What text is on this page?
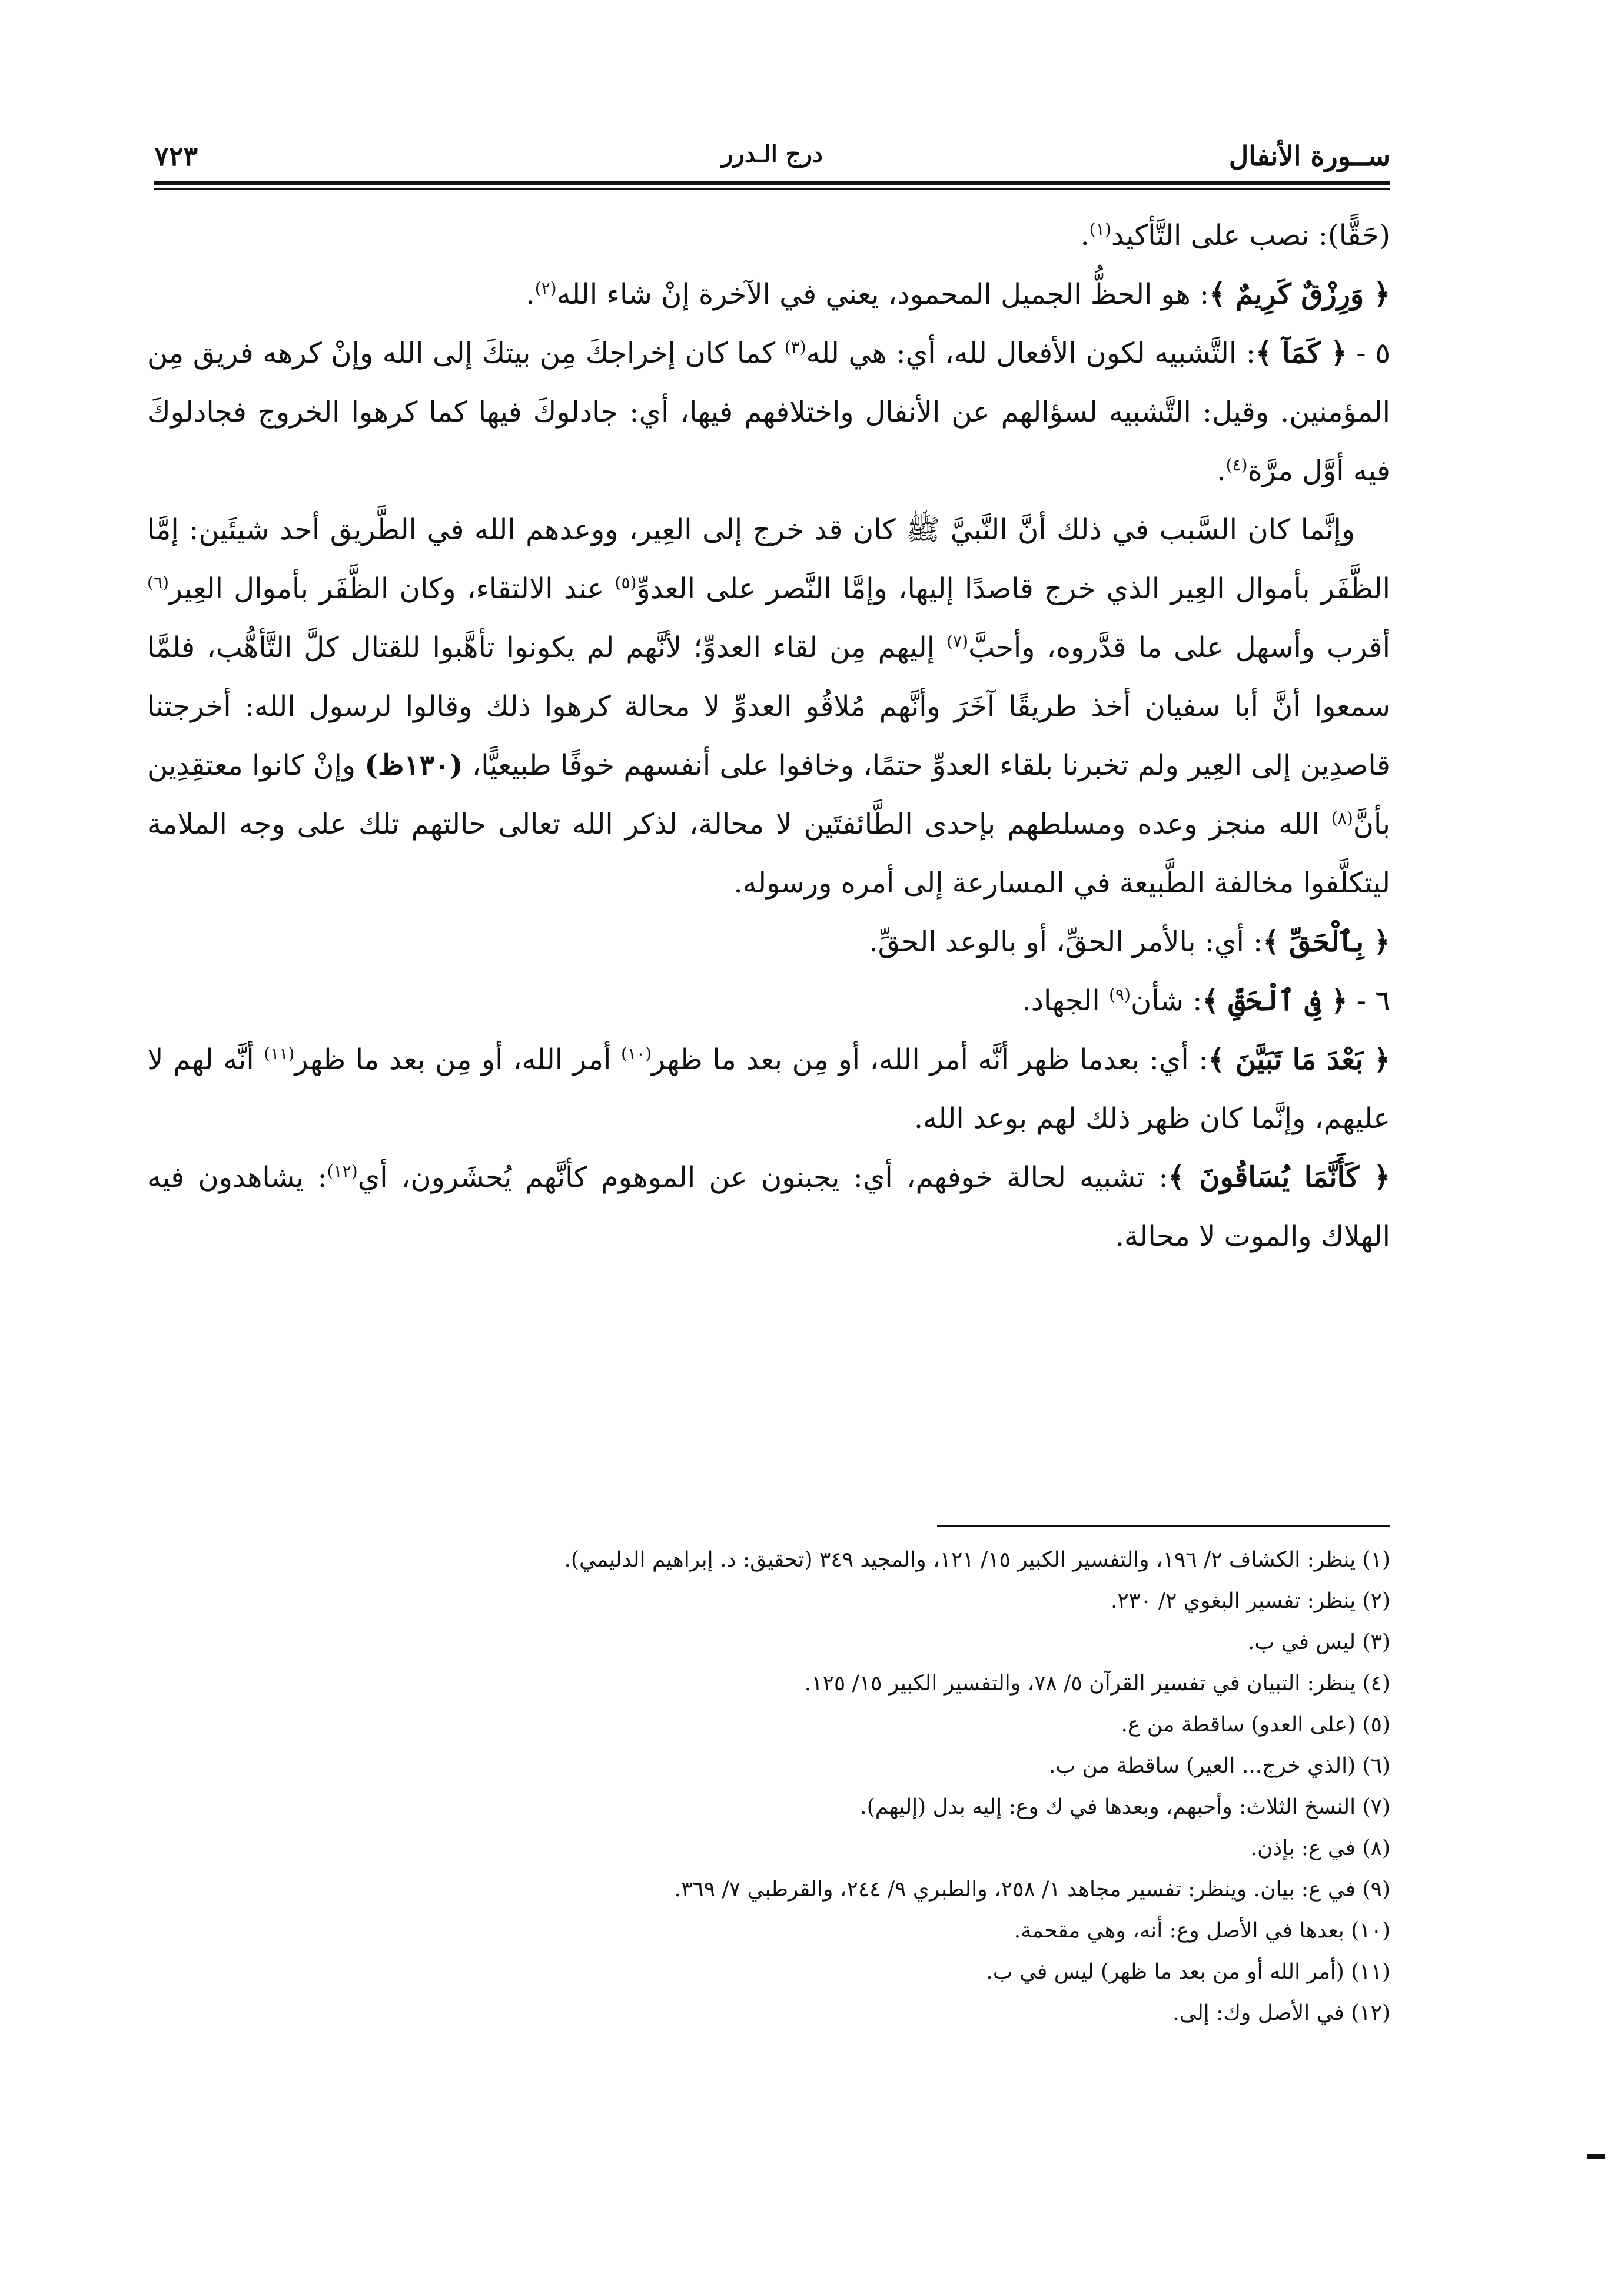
ســورة الأنفال
درج الـدرر
٧٢٣

(حَقًّا): نصب على التَّأكيد$^{(١)}$.

﴿ وَرِزْقٌ كَرِيمٌ ﴾: هو الحظُّ الجميل المحمود، يعني في الآخرة إنْ شاء الله$^{(٢)}$.

٥ - ﴿ كَمَآ ﴾: التَّشبيه لكون الأفعال لله، أي: هي لله$^{(٣)}$ كما كان إخراجكَ مِن بيتكَ إلى الله وإنْ كرهه فريق مِن المؤمنين. وقيل: التَّشبيه لسؤالهم عن الأنفال واختلافهم فيها، أي: جادلوكَ فيها كما كرهوا الخروج فجادلوكَ فيه أوَّل مرَّة$^{(٤)}$.

وإنَّما كان السَّبب في ذلك أنَّ النَّبيَّ ﷺ كان قد خرج إلى العِير، ووعدهم الله في الطَّريق أحد شيئَين: إمَّا الظَّفَر بأموال العِير الذي خرج قاصدًا إليها، وإمَّا النَّصر على العدوِّ$^{(٥)}$ عند الالتقاء، وكان الظَّفَر بأموال العِير$^{(٦)}$ أقرب وأسهل على ما قدَّروه، وأحبَّ$^{(٧)}$ إليهم مِن لقاء العدوِّ؛ لأنَّهم لم يكونوا تأهَّبوا للقتال كلَّ التَّأهُّب، فلمَّا سمعوا أنَّ أبا سفيان أخذ طريقًا آخَرَ وأنَّهم مُلاقُو العدوِّ لا محالة كرهوا ذلك وقالوا لرسول الله: أخرجتنا قاصدِين إلى العِير ولم تخبرنا بلقاء العدوِّ حتمًا، وخافوا على أنفسهم خوفًا طبيعيًّا، (١٣٠ظ) وإنْ كانوا معتقِدِين بأنَّ$^{(٨)}$ الله منجز وعده ومسلطهم بإحدى الطَّائفتَين لا محالة، لذكر الله تعالى حالتهم تلك على وجه الملامة ليتكلَّفوا مخالفة الطَّبيعة في المسارعة إلى أمره ورسوله.

﴿ بِٱلْحَقِّ ﴾: أي: بالأمر الحقِّ، أو بالوعد الحقِّ.

٦ - ﴿ فِى ٱلْحَقِّ ﴾: شأن$^{(٩)}$ الجهاد.

﴿ بَعْدَ مَا تَبَيَّنَ ﴾: أي: بعدما ظهر أنَّه أمر الله، أو مِن بعد ما ظهر$^{(١٠)}$ أمر الله، أو مِن بعد ما ظهر$^{(١١)}$ أنَّه لهم لا عليهم، وإنَّما كان ظهر ذلك لهم بوعد الله.

﴿ كَأَنَّمَا يُسَاقُونَ ﴾: تشبيه لحالة خوفهم، أي: يجبنون عن الموهوم كأنَّهم يُحشَرون، أي$^{(١٢)}$: يشاهدون فيه الهلاك والموت لا محالة.

(١) ينظر: الكشاف ٢/ ١٩٦، والتفسير الكبير ١٥/ ١٢١، والمجيد ٣٤٩ (تحقيق: د. إبراهيم الدليمي).

(٢) ينظر: تفسير البغوي ٢/ ٢٣٠.

(٣) ليس في ب.

(٤) ينظر: التبيان في تفسير القرآن ٥/ ٧٨، والتفسير الكبير ١٥/ ١٢٥.

(٥) (على العدو) ساقطة من ع.

(٦) (الذي خرج... العير) ساقطة من ب.

(٧) النسخ الثلاث: وأحبهم، وبعدها في ك وع: إليه بدل (إليهم).

(٨) في ع: بإذن.

(٩) في ع: بيان. وينظر: تفسير مجاهد ١/ ٢٥٨، والطبري ٩/ ٢٤٤، والقرطبي ٧/ ٣٦٩.

(١٠) بعدها في الأصل وع: أنه، وهي مقحمة.

(١١) (أمر الله أو من بعد ما ظهر) ليس في ب.

(١٢) في الأصل وك: إلى.
